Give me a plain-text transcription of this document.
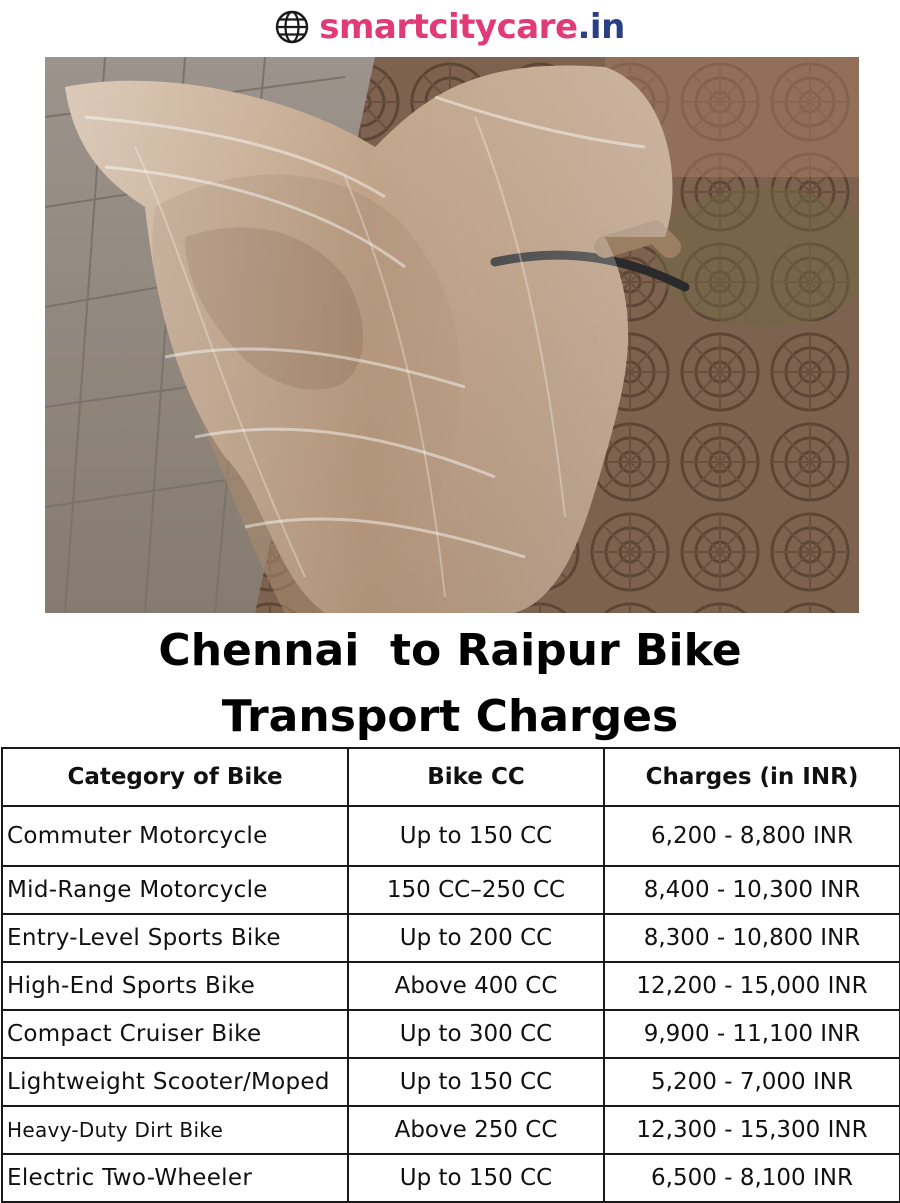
smartcitycare.in
Chennai  to Raipur Bike
Transport Charges
Category of Bike	Bike CC	Charges (in INR)
Commuter Motorcycle	Up to 150 CC	6,200 - 8,800 INR
Mid-Range Motorcycle	150 CC–250 CC	8,400 - 10,300 INR
Entry-Level Sports Bike	Up to 200 CC	8,300 - 10,800 INR
High-End Sports Bike	Above 400 CC	12,200 - 15,000 INR
Compact Cruiser Bike	Up to 300 CC	9,900 - 11,100 INR
Lightweight Scooter/Moped	Up to 150 CC	5,200 - 7,000 INR
Heavy-Duty Dirt Bike	Above 250 CC	12,300 - 15,300 INR
Electric Two-Wheeler	Up to 150 CC	6,500 - 8,100 INR
